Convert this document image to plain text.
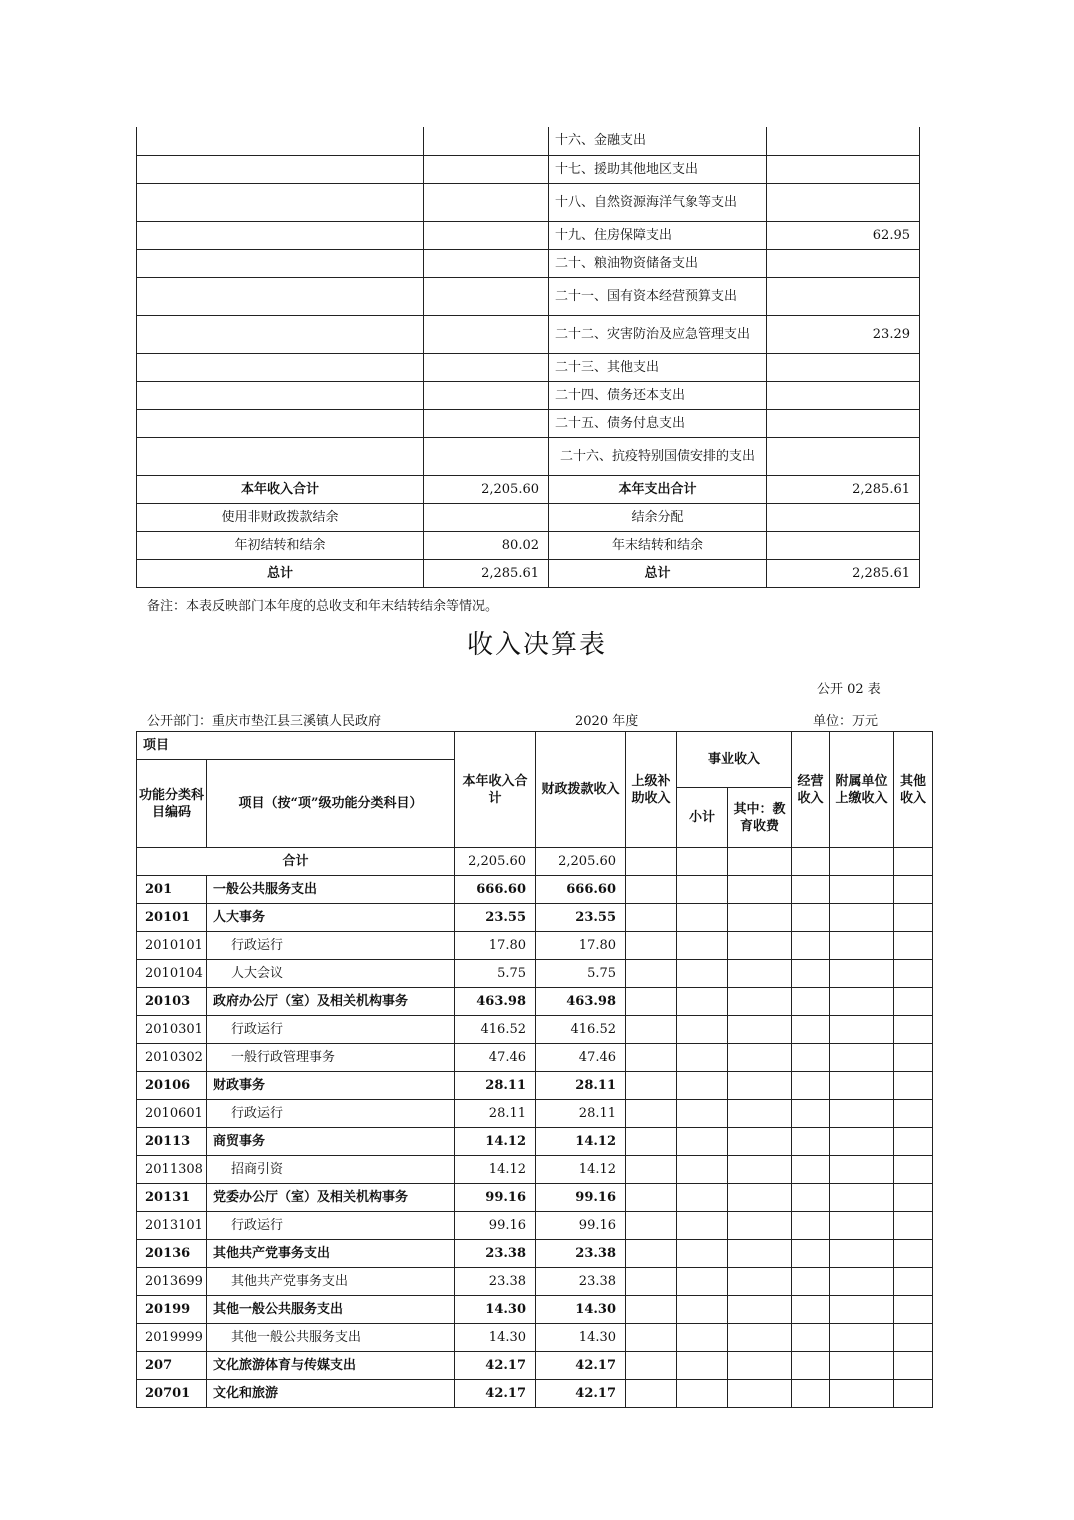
		十六、金融支出	
		十七、援助其他地区支出	
		十八、自然资源海洋气象等支出	
		十九、住房保障支出	62.95
		二十、粮油物资储备支出	
		二十一、国有资本经营预算支出	
		二十二、灾害防治及应急管理支出	23.29
		二十三、其他支出	
		二十四、债务还本支出	
		二十五、债务付息支出	
		二十六、抗疫特别国债安排的支出	
本年收入合计	2,205.60	本年支出合计	2,285.61
使用非财政拨款结余		结余分配	
年初结转和结余	80.02	年末结转和结余	
总计	2,285.61	总计	2,285.61
备注：本表反映部门本年度的总收支和年末结转结余等情况。
收入决算表
公开 02 表
公开部门：重庆市垫江县三溪镇人民政府	2020 年度	单位：万元
项目		本年收入合计	财政拨款收入	上级补助收入	事业收入		经营收入	附属单位上缴收入	其他收入
功能分类科目编码	项目（按“项”级功能分类科目）								
					小计	其中：教育收费			
合计		2,205.60	2,205.60						
201	一般公共服务支出	666.60	666.60						
20101	人大事务	23.55	23.55						
2010101	行政运行	17.80	17.80						
2010104	人大会议	5.75	5.75						
20103	政府办公厅（室）及相关机构事务	463.98	463.98						
2010301	行政运行	416.52	416.52						
2010302	一般行政管理事务	47.46	47.46						
20106	财政事务	28.11	28.11						
2010601	行政运行	28.11	28.11						
20113	商贸事务	14.12	14.12						
2011308	招商引资	14.12	14.12						
20131	党委办公厅（室）及相关机构事务	99.16	99.16						
2013101	行政运行	99.16	99.16						
20136	其他共产党事务支出	23.38	23.38						
2013699	其他共产党事务支出	23.38	23.38						
20199	其他一般公共服务支出	14.30	14.30						
2019999	其他一般公共服务支出	14.30	14.30						
207	文化旅游体育与传媒支出	42.17	42.17						
20701	文化和旅游	42.17	42.17						
